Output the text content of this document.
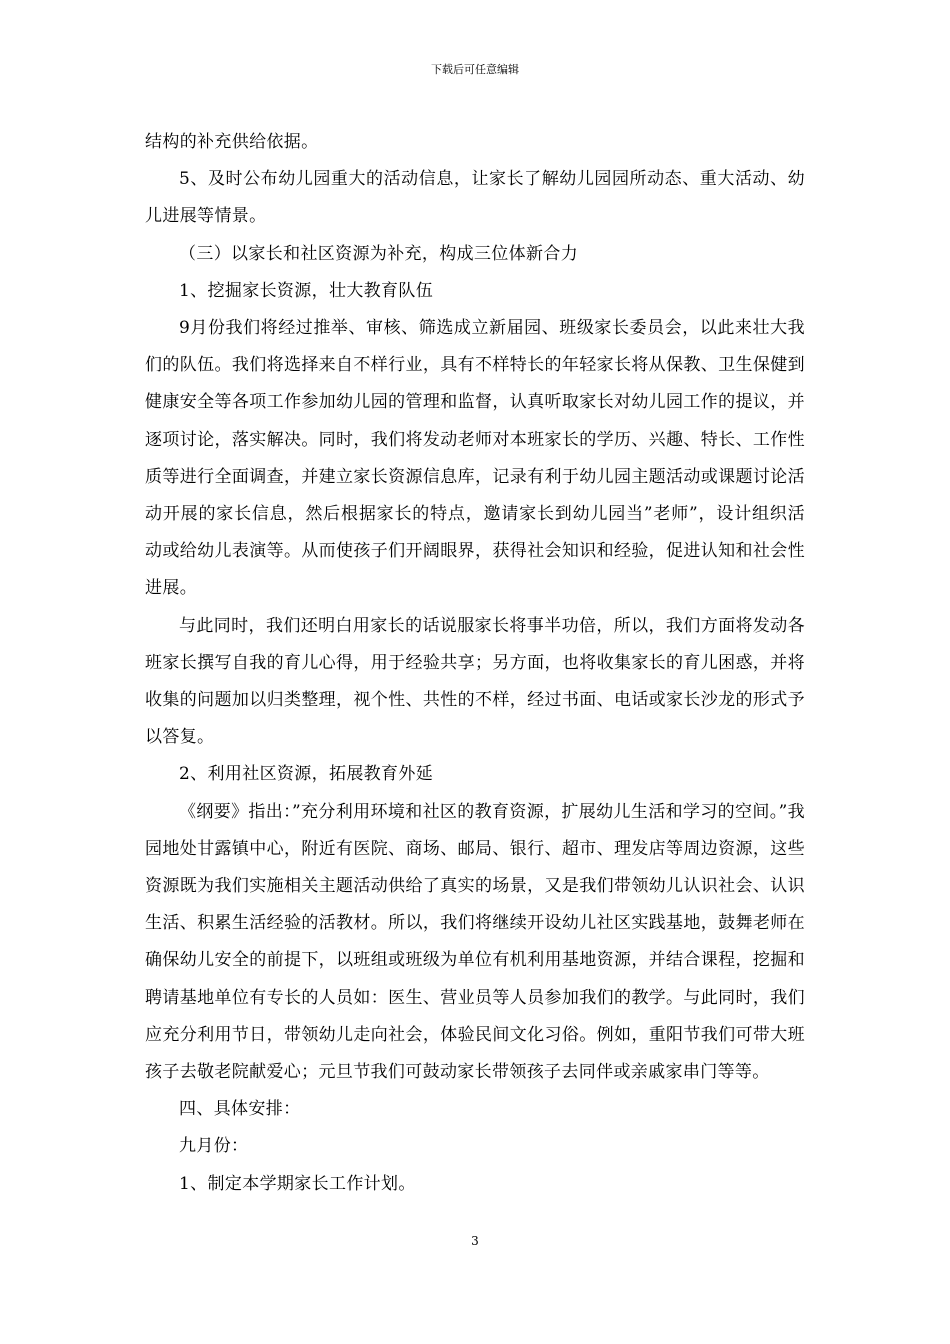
下载后可任意编辑

结构的补充供给依据。

5、及时公布幼儿园重大的活动信息，让家长了解幼儿园园所动态、重大活动、幼儿进展等情景。

（三）以家长和社区资源为补充，构成三位体新合力

1、挖掘家长资源，壮大教育队伍

9月份我们将经过推举、审核、筛选成立新届园、班级家长委员会，以此来壮大我们的队伍。我们将选择来自不样行业，具有不样特长的年轻家长将从保教、卫生保健到健康安全等各项工作参加幼儿园的管理和监督，认真听取家长对幼儿园工作的提议，并逐项讨论，落实解决。同时，我们将发动老师对本班家长的学历、兴趣、特长、工作性质等进行全面调查，并建立家长资源信息库，记录有利于幼儿园主题活动或课题讨论活动开展的家长信息，然后根据家长的特点，邀请家长到幼儿园当”老师”，设计组织活动或给幼儿表演等。从而使孩子们开阔眼界，获得社会知识和经验，促进认知和社会性进展。

与此同时，我们还明白用家长的话说服家长将事半功倍，所以，我们方面将发动各班家长撰写自我的育儿心得，用于经验共享；另方面，也将收集家长的育儿困惑，并将收集的问题加以归类整理，视个性、共性的不样，经过书面、电话或家长沙龙的形式予以答复。

2、利用社区资源，拓展教育外延

《纲要》指出：”充分利用环境和社区的教育资源，扩展幼儿生活和学习的空间。”我园地处甘露镇中心，附近有医院、商场、邮局、银行、超市、理发店等周边资源，这些资源既为我们实施相关主题活动供给了真实的场景，又是我们带领幼儿认识社会、认识生活、积累生活经验的活教材。所以，我们将继续开设幼儿社区实践基地，鼓舞老师在确保幼儿安全的前提下，以班组或班级为单位有机利用基地资源，并结合课程，挖掘和聘请基地单位有专长的人员如：医生、营业员等人员参加我们的教学。与此同时，我们应充分利用节日，带领幼儿走向社会，体验民间文化习俗。例如，重阳节我们可带大班孩子去敬老院献爱心；元旦节我们可鼓动家长带领孩子去同伴或亲戚家串门等等。

四、具体安排：

九月份：

1、制定本学期家长工作计划。

3
